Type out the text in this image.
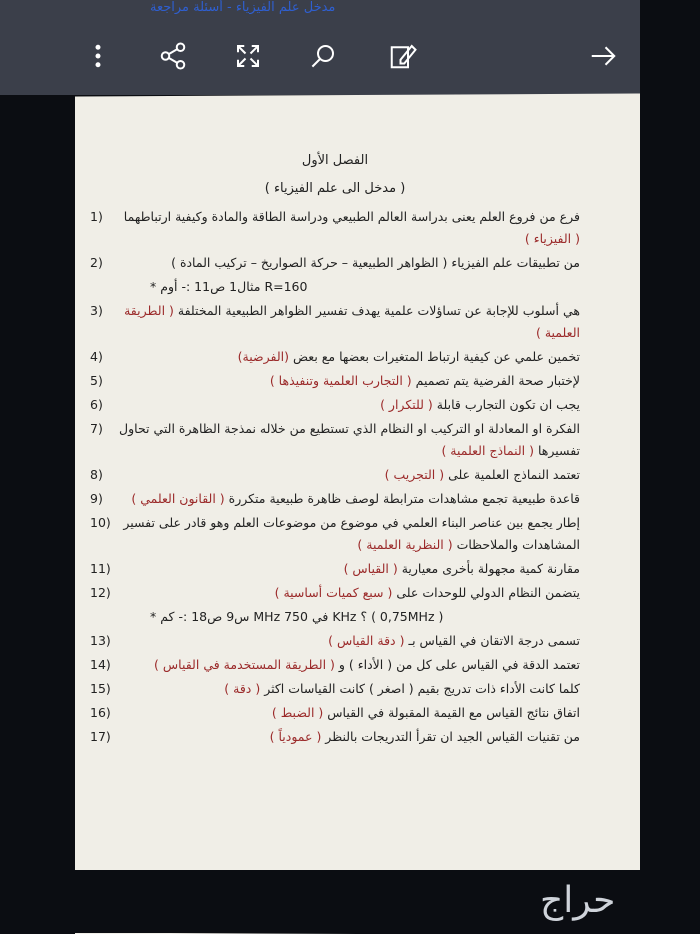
مدخل علم الفيزياء - أسئلة مراجعة
الفصل الأول
( مدخل الى علم الفيزياء )
فرع من فروع العلم يعنى بدراسة العالم الطبيعي ودراسة الطاقة والمادة وكيفية ارتباطهما ( الفيزياء )
1)
من تطبيقات علم الفيزياء ( الظواهر الطبيعية – حركة الصواريخ – تركيب المادة )
2)
* مثال1 ص11 :- أوم R=160
هي أسلوب للإجابة عن تساؤلات علمية يهدف تفسير الظواهر الطبيعية المختلفة ( الطريقة العلمية )
3)
تخمين علمي عن كيفية ارتباط المتغيرات بعضها مع بعض (الفرضية)
4)
لإختبار صحة الفرضية يتم تصميم ( التجارب العلمية وتنفيذها )
5)
يجب ان تكون التجارب قابلة ( للتكرار )
6)
الفكرة او المعادلة او التركيب او النظام الذي تستطيع من خلاله نمذجة الظاهرة التي تحاول تفسيرها ( النماذج العلمية )
7)
تعتمد النماذج العلمية على ( التجريب )
8)
قاعدة طبيعية تجمع مشاهدات مترابطة لوصف ظاهرة طبيعية متكررة ( القانون العلمي )
9)
إطار يجمع بين عناصر البناء العلمي في موضوع من موضوعات العلم وهو قادر على تفسير المشاهدات والملاحظات ( النظرية العلمية )
10)
مقارنة كمية مجهولة بأخرى معيارية ( القياس )
11)
يتضمن النظام الدولي للوحدات على ( سبع كميات أساسية )
12)
* س9 ص18 :- كم MHz في 750 KHz ؟ ( 0,75MHz )
تسمى درجة الاتقان في القياس بـ ( دقة القياس )
13)
تعتمد الدقة في القياس على كل من ( الأداء ) و ( الطريقة المستخدمة في القياس )
14)
كلما كانت الأداء ذات تدريج بقيم ( اصغر ) كانت القياسات اكثر ( دقة )
15)
اتفاق نتائج القياس مع القيمة المقبولة في القياس ( الضبط )
16)
من تقنيات القياس الجيد ان تقرأ التدريجات بالنظر ( عمودياً )
17)
حراج
